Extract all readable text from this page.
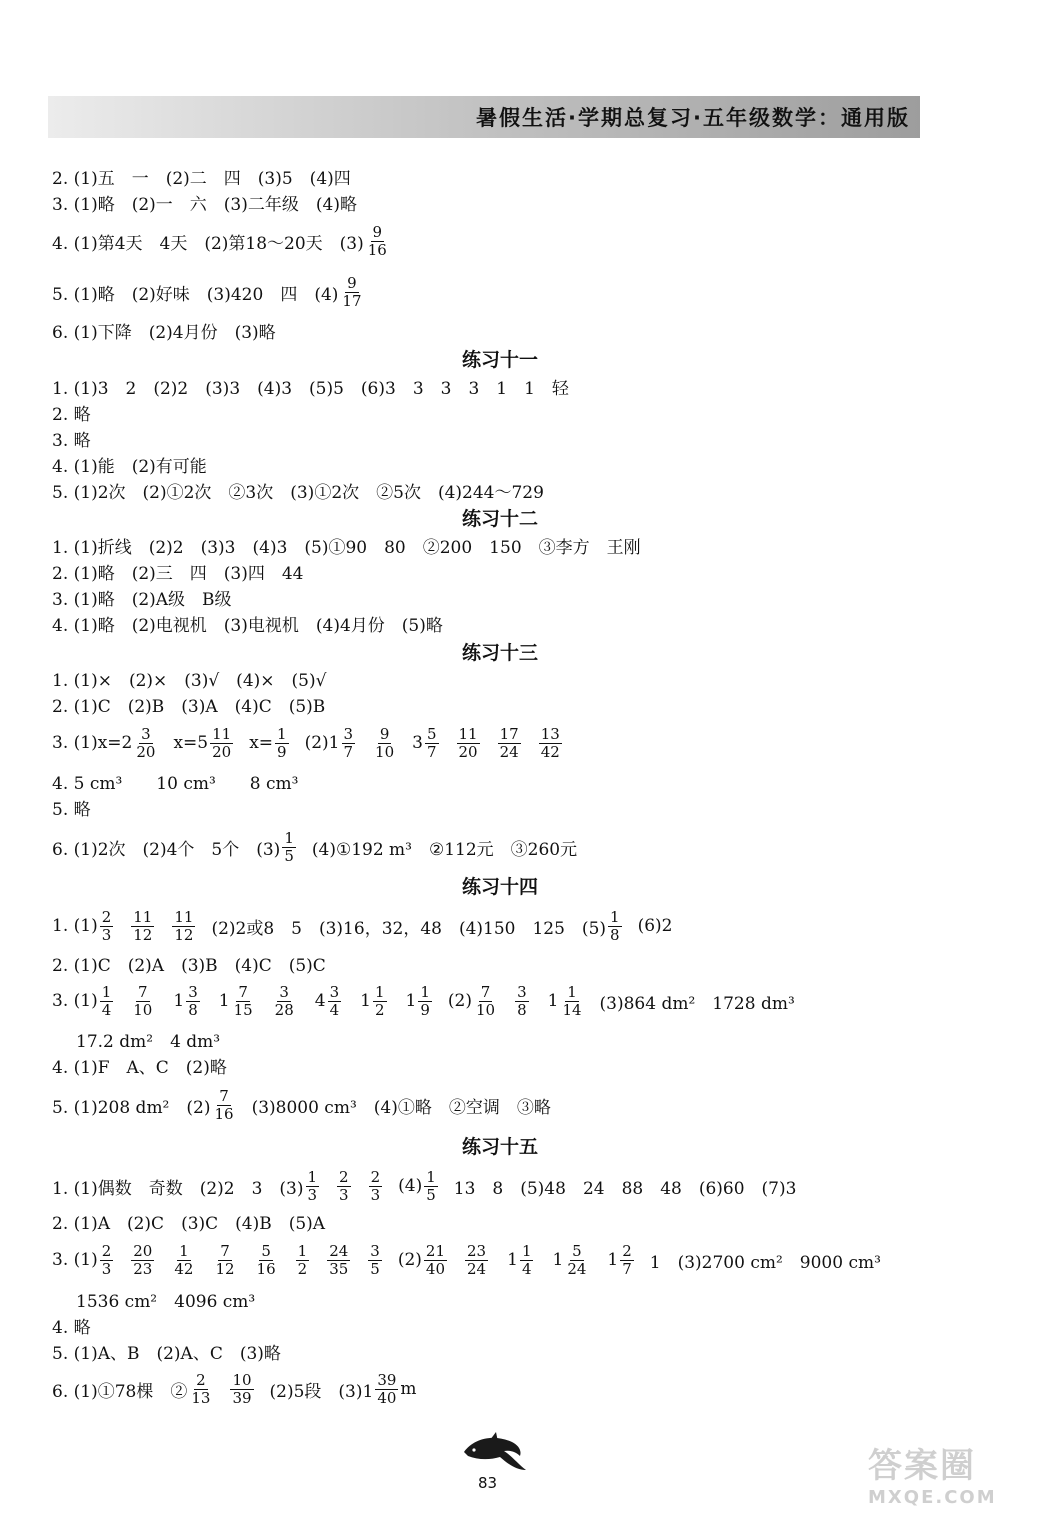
暑假生活·学期总复习·五年级数学：通用版
2. (1)五　一　(2)二　四　(3)5　(4)四
3. (1)略　(2)一　六　(3)二年级　(4)略
4. (1)第4天　4天　(2)第18～20天　$(3) \frac{9}{16}$
5. (1)略　(2)好味　(3)420　四　$(4) \frac{9}{17}$
6. (1)下降　(2)4月份　(3)略
练习十一
1. (1)3　2　(2)2　(3)3　(4)3　(5)5　(6)3　3　3　3　1　1　轻
2. 略
3. 略
4. (1)能　(2)有可能
5. (1)2次　(2)①2次　②3次　(3)①2次　②5次　(4)244～729
练习十二
1. (1)折线　(2)2　(3)3　(4)3　(5)①90　80　②200　150　③李方　王刚
2. (1)略　(2)三　四　(3)四　44
3. (1)略　(2)A级　B级
4. (1)略　(2)电视机　(3)电视机　(4)4月份　(5)略
练习十三
1. (1)×　(2)×　(3)√　(4)×　(5)√
2. (1)C　(2)B　(3)A　(4)C　(5)B
3. $(1)x=2 \frac{3}{20} x=5 \frac{11}{20} x= \frac{1}{9} (2)1 \frac{3}{7} \frac{9}{10} 3 \frac{5}{7} \frac{11}{20} \frac{17}{24} \frac{13}{42}$
4. 5 cm³　　10 cm³　　8 cm³
5. 略
6. (1)2次　(2)4个　5个　$(3) \frac{1}{5}$ (4)①192 m³　②112元　③260元
练习十四
1. $(1) \frac{2}{3} \frac{11}{12} \frac{11}{12} (2)2$或8　5　(3)16，32，48　(4)150　125　$(5) \frac{1}{8} (6)2$
2. (1)C　(2)A　(3)B　(4)C　(5)C
3. $(1) \frac{1}{4} \frac{7}{10} 1 \frac{3}{8} 1 \frac{7}{15} \frac{3}{28} 4 \frac{3}{4} 1 \frac{1}{2} 1 \frac{1}{9} (2) \frac{7}{10} \frac{3}{8} 1 \frac{1}{14} (3)864$ dm²　1728 dm³
17.2 dm²　4 dm³
4. (1)F　A、C　(2)略
5. (1)208 dm²　$(2) \frac{7}{16} (3)8000$ cm³　(4)①略　②空调　③略
练习十五
1. (1)偶数　奇数　(2)2　3　$(3) \frac{1}{3} \frac{2}{3} \frac{2}{3} (4) \frac{1}{5} 13$　8　(5)48　24　88　48　(6)60　(7)3
2. (1)A　(2)C　(3)C　(4)B　(5)A
3. $(1) \frac{2}{3} \frac{20}{23} \frac{1}{42} \frac{7}{12} \frac{5}{16} \frac{1}{2} \frac{24}{35} \frac{3}{5} (2) \frac{21}{40} \frac{23}{24} 1 \frac{1}{4} 1 \frac{5}{24} 1 \frac{2}{7} 1$　(3)2700 cm²　9000 cm³
1536 cm²　4096 cm³
4. 略
5. (1)A、B　(2)A、C　(3)略
6. (1)①78棵　② $\frac{2}{13} \frac{10}{39} (2)5$段　$(3)1 \frac{39}{40}$ m
83	答案圈
MXQE.COM
